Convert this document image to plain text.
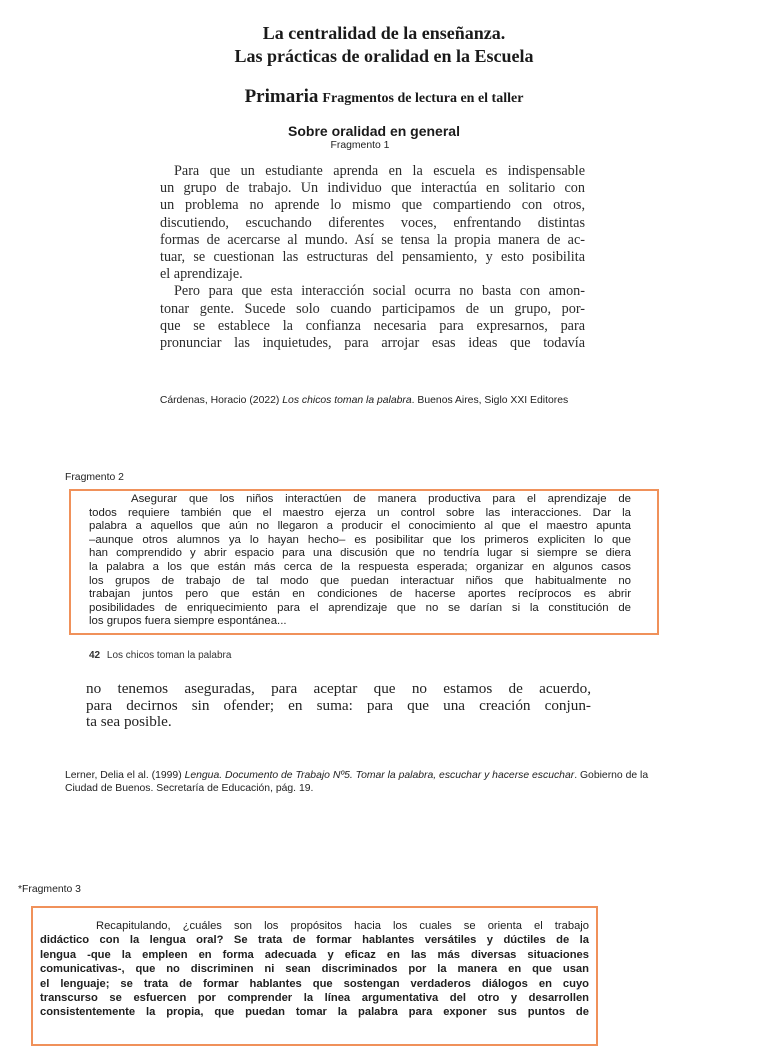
La centralidad de la enseñanza.
Las prácticas de oralidad en la Escuela
Primaria Fragmentos de lectura en el taller
Sobre oralidad en general
Fragmento 1
Para que un estudiante aprenda en la escuela es indispensable
un grupo de trabajo. Un individuo que interactúa en solitario con
un problema no aprende lo mismo que compartiendo con otros,
discutiendo, escuchando diferentes voces, enfrentando distintas
formas de acercarse al mundo. Así se tensa la propia manera de ac-
tuar, se cuestionan las estructuras del pensamiento, y esto posibilita
el aprendizaje.
Pero para que esta interacción social ocurra no basta con amon-
tonar gente. Sucede solo cuando participamos de un grupo, por-
que se establece la confianza necesaria para expresarnos, para
pronunciar las inquietudes, para arrojar esas ideas que todavía
Cárdenas, Horacio (2022) Los chicos toman la palabra. Buenos Aires, Siglo XXI Editores
Fragmento 2
Asegurar que los niños interactúen de manera productiva para el aprendizaje de
todos requiere también que el maestro ejerza un control sobre las interacciones. Dar la
palabra a aquellos que aún no llegaron a producir el conocimiento al que el maestro apunta
–aunque otros alumnos ya lo hayan hecho– es posibilitar que los primeros expliciten lo que
han comprendido y abrir espacio para una discusión que no tendría lugar si siempre se diera
la palabra a los que están más cerca de la respuesta esperada; organizar en algunos casos
los grupos de trabajo de tal modo que puedan interactuar niños que habitualmente no
trabajan juntos pero que están en condiciones de hacerse aportes recíprocos es abrir
posibilidades de enriquecimiento para el aprendizaje que no se darían si la constitución de
los grupos fuera siempre espontánea...
42 Los chicos toman la palabra
no tenemos aseguradas, para aceptar que no estamos de acuerdo,
para decirnos sin ofender; en suma: para que una creación conjun-
ta sea posible.
Lerner, Delia el al. (1999) Lengua. Documento de Trabajo Nº5. Tomar la palabra, escuchar y hacerse escuchar. Gobierno de la
Ciudad de Buenos. Secretaría de Educación, pág. 19.
*Fragmento 3
Recapitulando, ¿cuáles son los propósitos hacia los cuales se orienta el trabajo
didáctico con la lengua oral? Se trata de formar hablantes versátiles y dúctiles de la
lengua -que la empleen en forma adecuada y eficaz en las más diversas situaciones
comunicativas-, que no discriminen ni sean discriminados por la manera en que usan
el lenguaje; se trata de formar hablantes que sostengan verdaderos diálogos en cuyo
transcurso se esfuercen por comprender la línea argumentativa del otro y desarrollen
consistentemente la propia, que puedan tomar la palabra para exponer sus puntos de
